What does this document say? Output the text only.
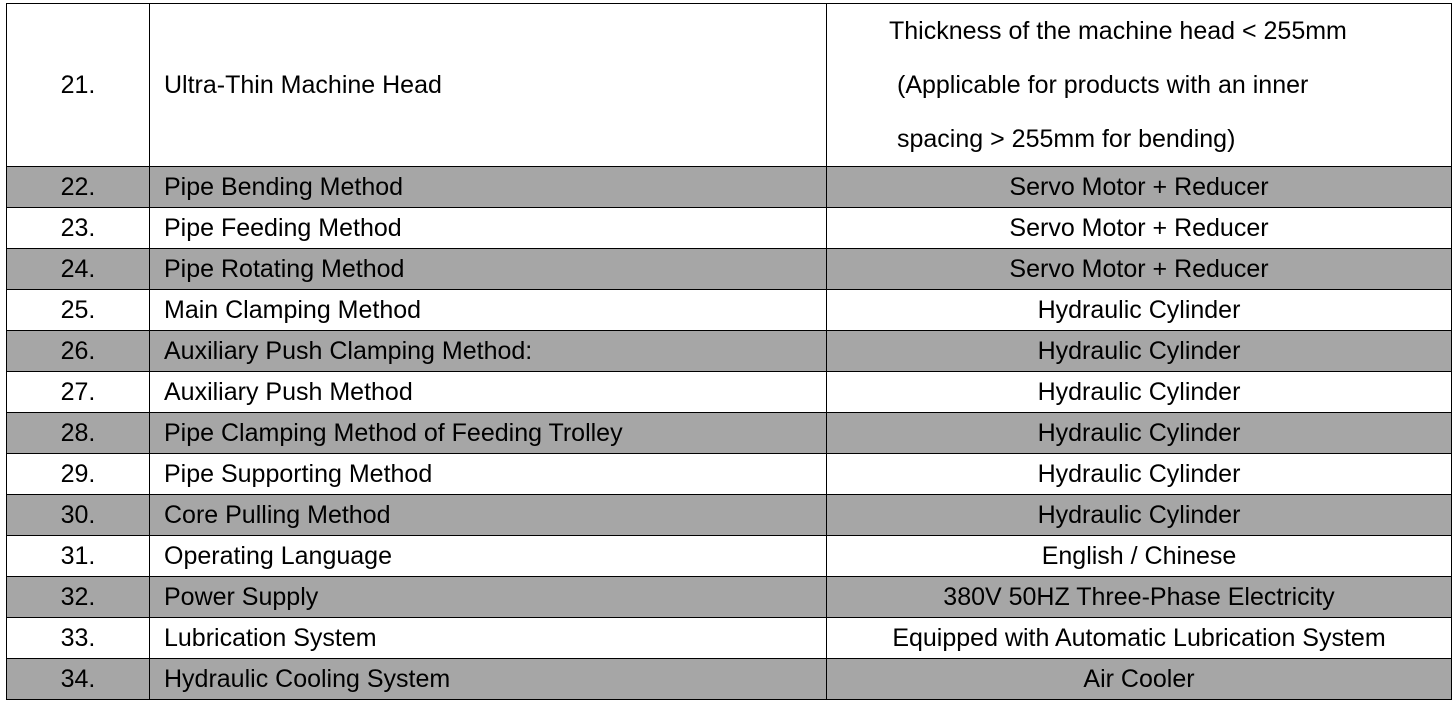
21.	Ultra-Thin Machine Head	Thickness of the machine head < 255mm
(Applicable for products with an inner
spacing > 255mm for bending)

22.	Pipe Bending Method	Servo Motor + Reducer
23.	Pipe Feeding Method	Servo Motor + Reducer
24.	Pipe Rotating Method	Servo Motor + Reducer
25.	Main Clamping Method	Hydraulic Cylinder
26.	Auxiliary Push Clamping Method:	Hydraulic Cylinder
27.	Auxiliary Push Method	Hydraulic Cylinder
28.	Pipe Clamping Method of Feeding Trolley	Hydraulic Cylinder
29.	Pipe Supporting Method	Hydraulic Cylinder
30.	Core Pulling Method	Hydraulic Cylinder
31.	Operating Language	English / Chinese
32.	Power Supply	380V 50HZ Three-Phase Electricity
33.	Lubrication System	Equipped with Automatic Lubrication System
34.	Hydraulic Cooling System	Air Cooler
